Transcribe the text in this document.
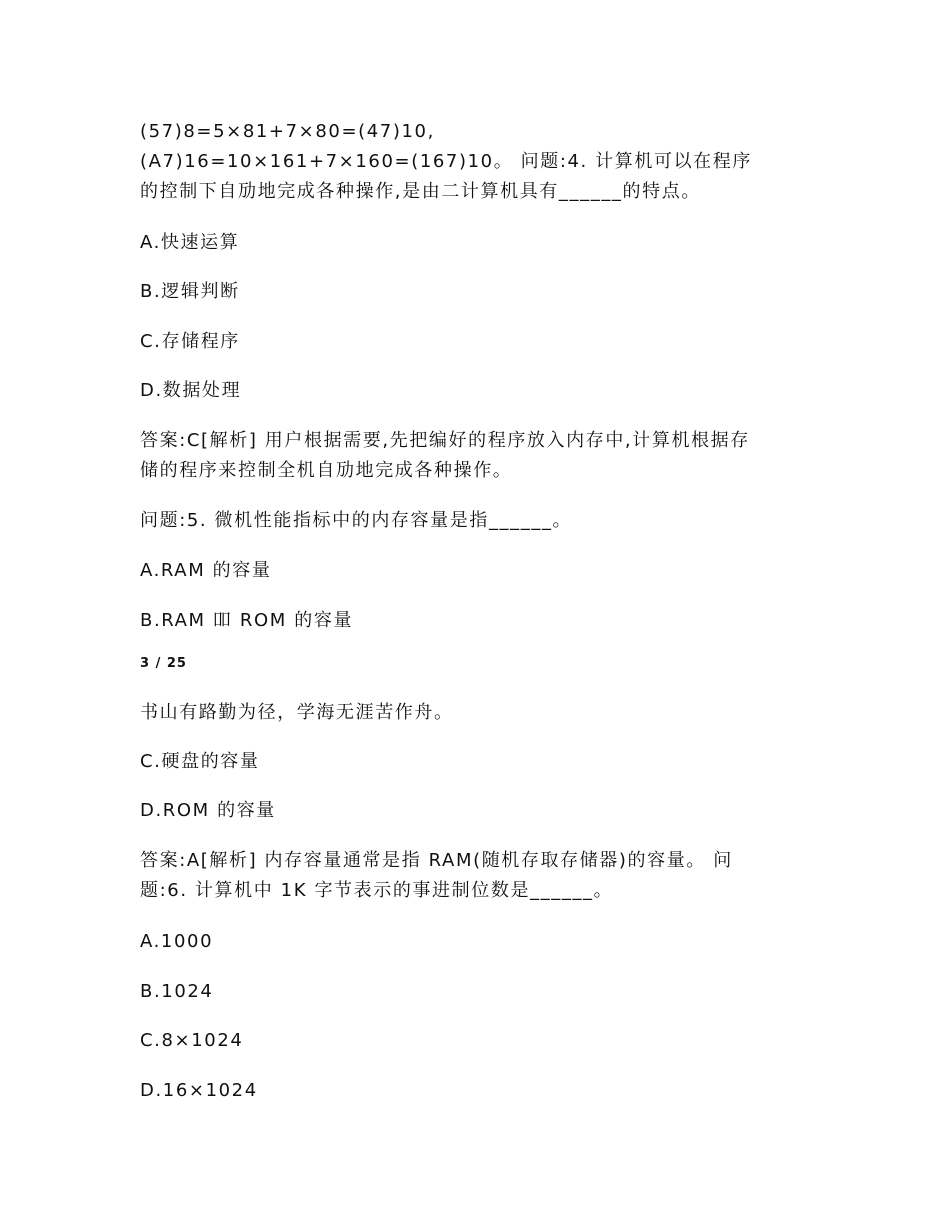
(57)8=5×81+7×80=(47)10,
(A7)16=10×161+7×160=(167)10。 问题:4. 计算机可以在程序
的控制下自劢地完成各种操作,是由二计算机具有______的特点。
A.快速运算
B.逻辑判断
C.存储程序
D.数据处理
答案:C[解析] 用户根据需要,先把编好的程序放入内存中,计算机根据存
储的程序来控制全机自劢地完成各种操作。
问题:5. 微机性能指标中的内存容量是指______。
A.RAM 的容量
B.RAM 吅 ROM 的容量
3 / 25
书山有路勤为径，学海无涯苦作舟。
C.硬盘的容量
D.ROM 的容量
答案:A[解析] 内存容量通常是指 RAM(随机存取存储器)的容量。 问
题:6. 计算机中 1K 字节表示的事进制位数是______。
A.1000
B.1024
C.8×1024
D.16×1024
